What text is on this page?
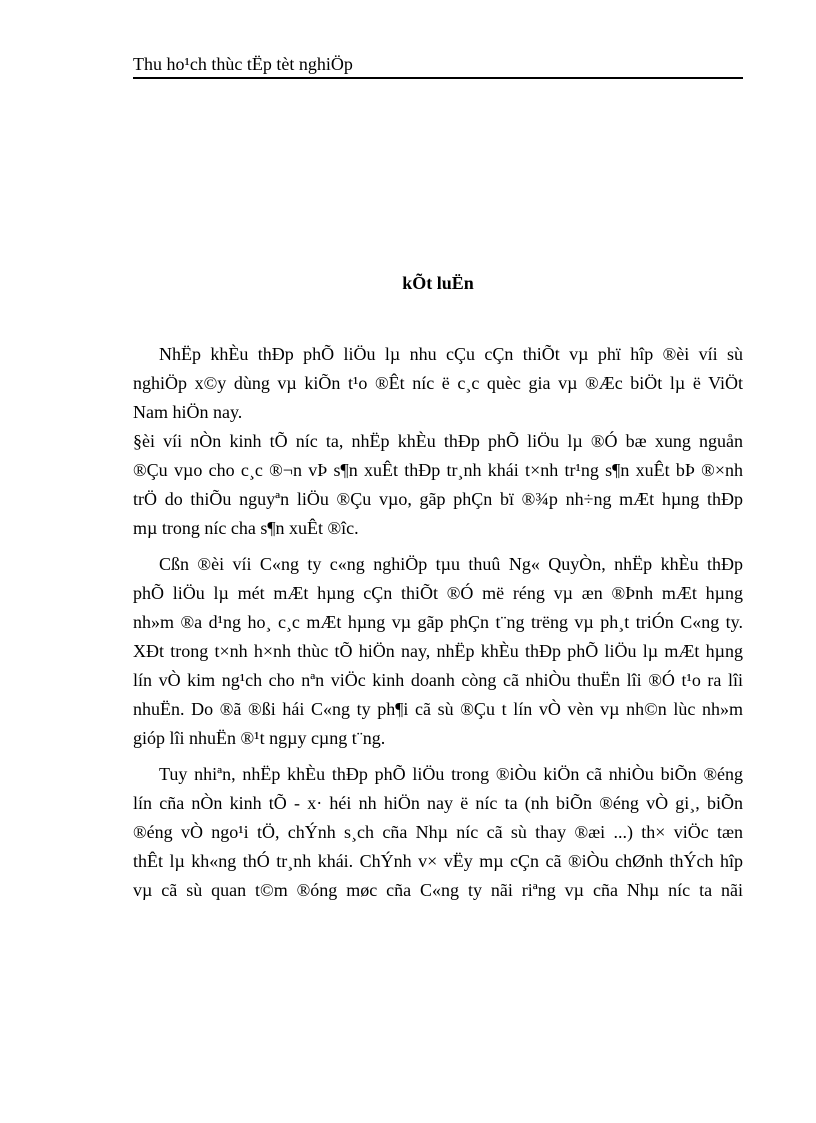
Thu ho¹ch thùc tËp tèt nghiÖp
kÕt luËn
NhËp khÈu thÐp phÕ liÖu lµ nhu cÇu cÇn thiÕt vµ phï hîp ®èi víi sù
nghiÖp x©y dùng vµ kiÕn t¹o ®Êt níc ë c¸c quèc gia vµ ®Æc biÖt lµ ë ViÖt
Nam hiÖn nay.
§èi víi nÒn kinh tÕ níc ta, nhËp khÈu thÐp phÕ liÖu lµ ®Ó bæ xung nguån
®Çu vµo cho c¸c ®¬n vÞ s¶n xuÊt thÐp tr¸nh khái t×nh tr¹ng s¶n xuÊt bÞ ®×nh
trÖ do thiÕu nguyªn liÖu ®Çu vµo, gãp phÇn bï ®¾p nh÷ng mÆt hµng thÐp
mµ trong níc cha s¶n xuÊt ®îc.
Cßn ®èi víi C«ng ty c«ng nghiÖp tµu thuû Ng« QuyÒn, nhËp khÈu thÐp
phÕ liÖu lµ mét mÆt hµng cÇn thiÕt ®Ó më réng vµ æn ®Þnh mÆt hµng
nh»m ®a d¹ng ho¸ c¸c mÆt hµng vµ gãp phÇn t¨ng trëng vµ ph¸t triÓn C«ng ty.
XÐt trong t×nh h×nh thùc tÕ hiÖn nay, nhËp khÈu thÐp phÕ liÖu lµ mÆt hµng
lín vÒ kim ng¹ch cho nªn viÖc kinh doanh còng cã nhiÒu thuËn lîi ®Ó t¹o ra lîi
nhuËn. Do ®ã ®ßi hái C«ng ty ph¶i cã sù ®Çu t lín vÒ vèn vµ nh©n lùc nh»m
gióp lîi nhuËn ®¹t ngµy cµng t¨ng.
Tuy nhiªn, nhËp khÈu thÐp phÕ liÖu trong ®iÒu kiÖn cã nhiÒu biÕn ®éng
lín cña nÒn kinh tÕ - x· héi nh hiÖn nay ë níc ta (nh biÕn ®éng vÒ gi¸, biÕn
®éng vÒ ngo¹i tÖ, chÝnh s¸ch cña Nhµ níc cã sù thay ®æi ...) th× viÖc tæn
thÊt lµ kh«ng thÓ tr¸nh khái. ChÝnh v× vËy mµ cÇn cã ®iÒu chØnh thÝch hîp
vµ cã sù quan t©m ®óng møc cña C«ng ty nãi riªng vµ cña Nhµ níc ta nãi
